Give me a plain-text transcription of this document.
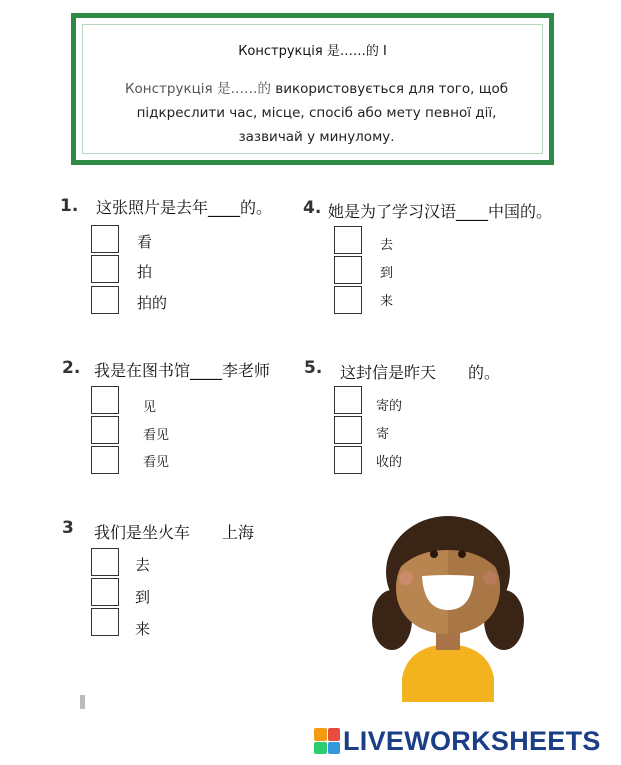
Конструкція 是……的 I
Конструкція 是……的 використовується для того, щоб підкреслити час, місце, спосіб або мету певної дії, зазвичай у минулому.
1. 这张照片是去年____的。
看
拍
拍的
2. 我是在图书馆____李老师
见
看见
看见
3 我们是坐火车　　上海
去
到
来
4. 她是为了学习汉语____中国的。
去
到
来
5. 这封信是昨天　　的。
寄的
寄
收的
LIVEWORKSHEETS
